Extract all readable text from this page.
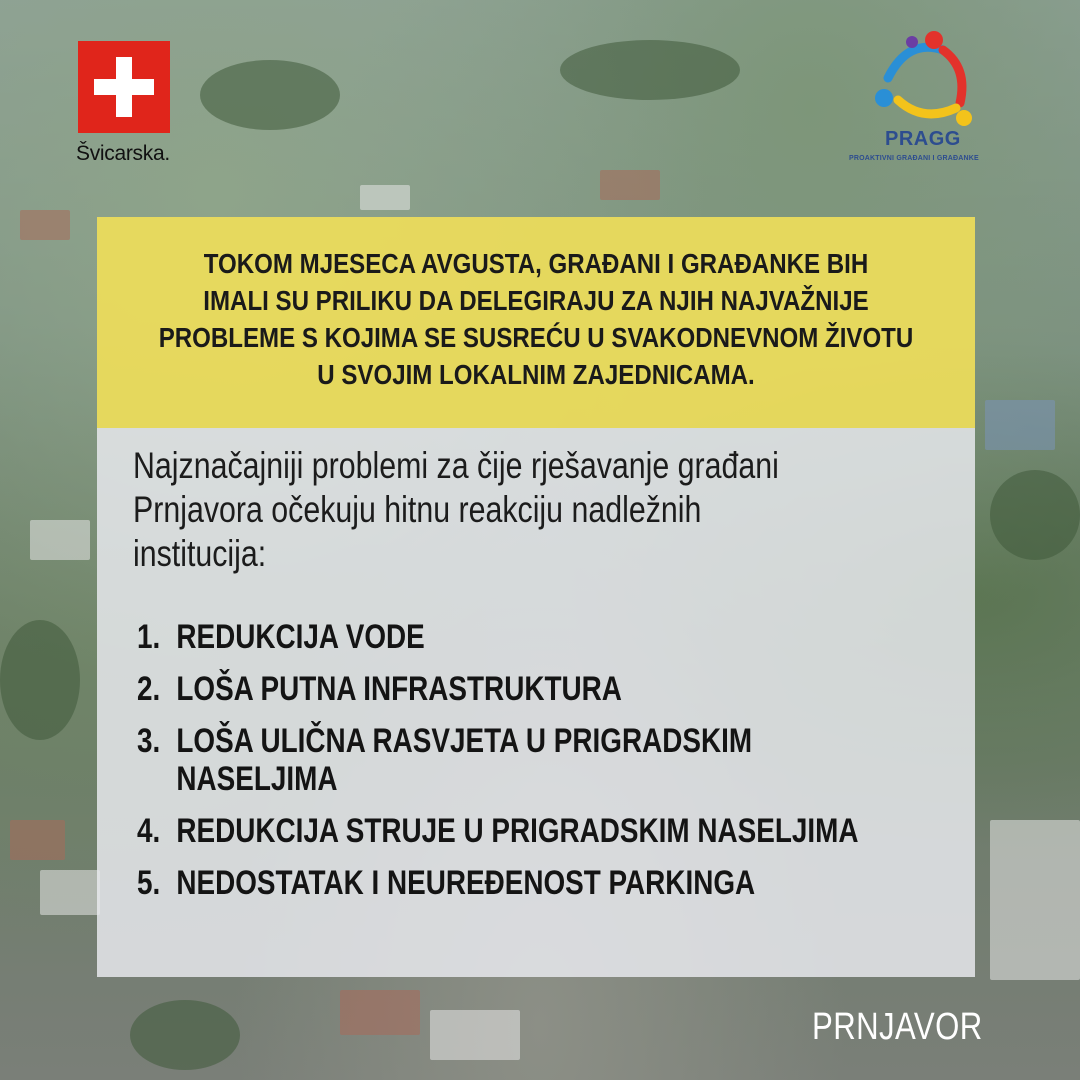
Švicarska.
PRAGG
PROAKTIVNI GRAĐANI I GRAĐANKE
TOKOM MJESECA AVGUSTA, GRAĐANI I GRAĐANKE BIH
IMALI SU PRILIKU DA DELEGIRAJU ZA NJIH NAJVAŽNIJE
PROBLEME S KOJIMA SE SUSREĆU U SVAKODNEVNOM ŽIVOTU
U SVOJIM LOKALNIM ZAJEDNICAMA.
Najznačajniji problemi za čije rješavanje građani
Prnjavora očekuju hitnu reakciju nadležnih
institucija:
1. REDUKCIJA VODE
2. LOŠA PUTNA INFRASTRUKTURA
3. LOŠA ULIČNA RASVJETA U PRIGRADSKIM
NASELJIMA
4. REDUKCIJA STRUJE U PRIGRADSKIM NASELJIMA
5. NEDOSTATAK I NEUREĐENOST PARKINGA
PRNJAVOR
